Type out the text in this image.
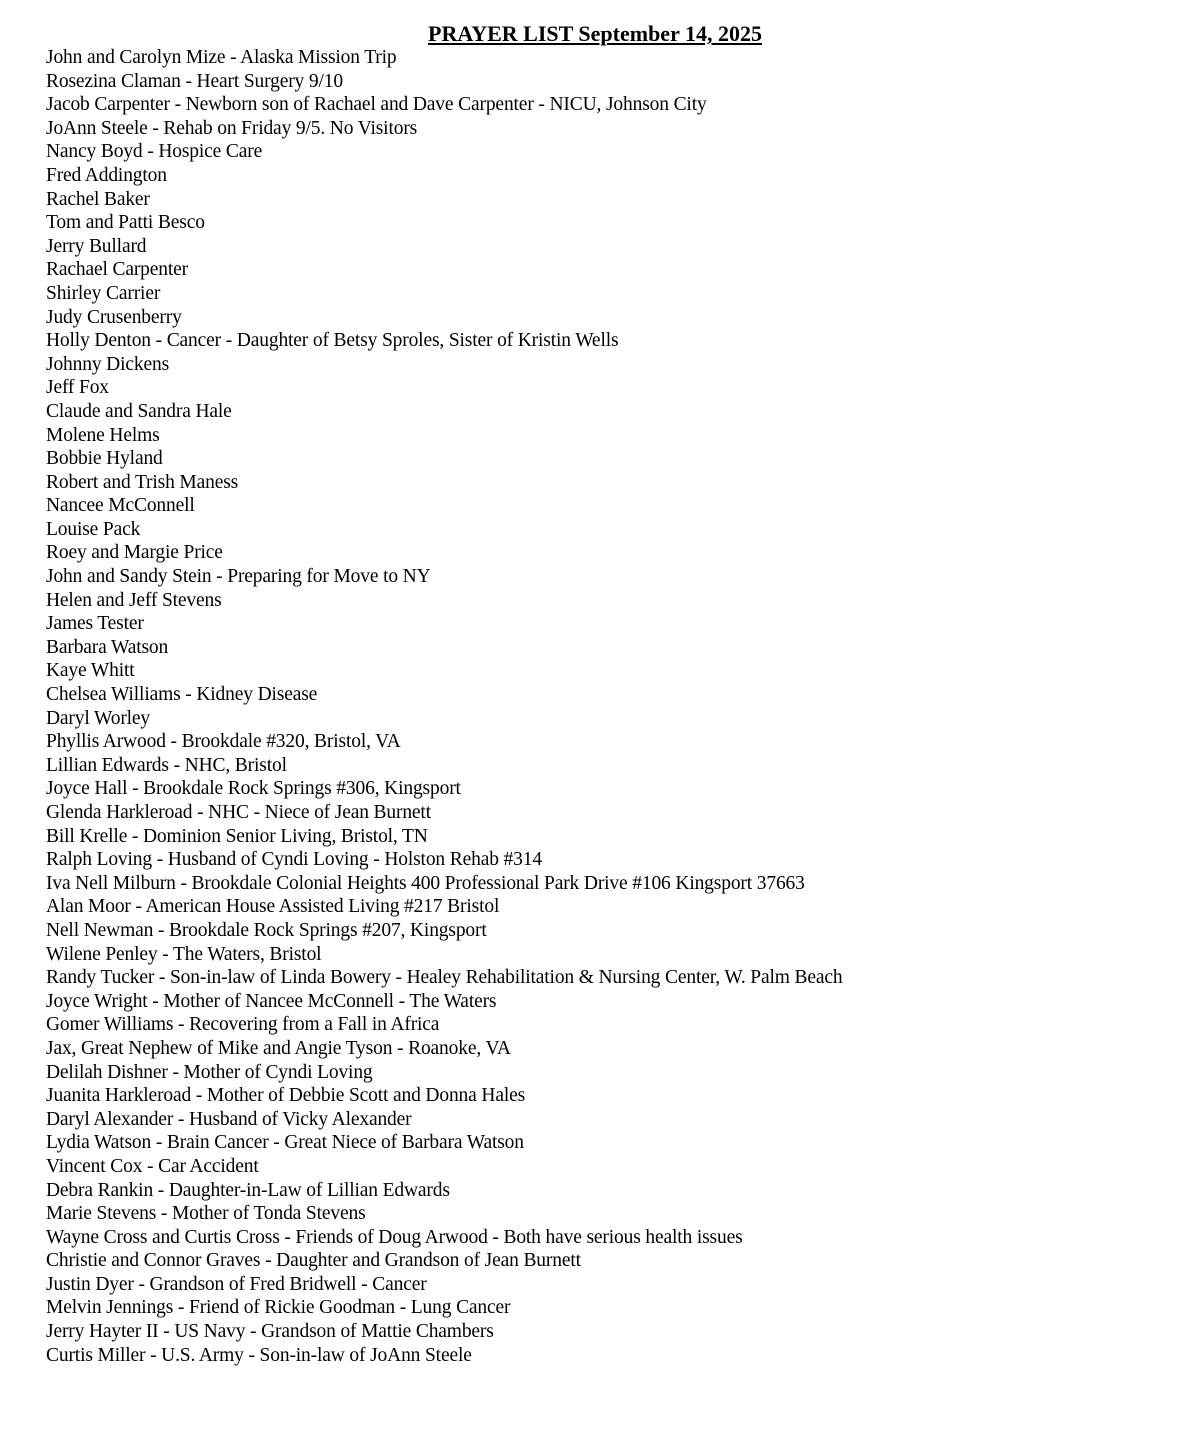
PRAYER LIST September 14, 2025
John and Carolyn Mize - Alaska Mission Trip
Rosezina Claman - Heart Surgery 9/10
Jacob Carpenter - Newborn son of Rachael and Dave Carpenter - NICU, Johnson City
JoAnn Steele - Rehab on Friday 9/5. No Visitors
Nancy Boyd - Hospice Care
Fred Addington
Rachel Baker
Tom and Patti Besco
Jerry Bullard
Rachael Carpenter
Shirley Carrier
Judy Crusenberry
Holly Denton - Cancer - Daughter of Betsy Sproles, Sister of Kristin Wells
Johnny Dickens
Jeff Fox
Claude and Sandra Hale
Molene Helms
Bobbie Hyland
Robert and Trish Maness
Nancee McConnell
Louise Pack
Roey and Margie Price
John and Sandy Stein - Preparing for Move to NY
Helen and Jeff Stevens
James Tester
Barbara Watson
Kaye Whitt
Chelsea Williams - Kidney Disease
Daryl Worley
Phyllis Arwood - Brookdale #320, Bristol, VA
Lillian Edwards - NHC, Bristol
Joyce Hall - Brookdale Rock Springs #306, Kingsport
Glenda Harkleroad - NHC - Niece of Jean Burnett
Bill Krelle - Dominion Senior Living, Bristol, TN
Ralph Loving - Husband of Cyndi Loving - Holston Rehab #314
Iva Nell Milburn - Brookdale Colonial Heights 400 Professional Park Drive #106 Kingsport 37663
Alan Moor - American House Assisted Living #217 Bristol
Nell Newman - Brookdale Rock Springs #207, Kingsport
Wilene Penley - The Waters, Bristol
Randy Tucker - Son-in-law of Linda Bowery - Healey Rehabilitation & Nursing Center, W. Palm Beach
Joyce Wright - Mother of Nancee McConnell - The Waters
Gomer Williams - Recovering from a Fall in Africa
Jax, Great Nephew of Mike and Angie Tyson - Roanoke, VA
Delilah Dishner - Mother of Cyndi Loving
Juanita Harkleroad - Mother of Debbie Scott and Donna Hales
Daryl Alexander - Husband of Vicky Alexander
Lydia Watson - Brain Cancer - Great Niece of Barbara Watson
Vincent Cox - Car Accident
Debra Rankin - Daughter-in-Law of Lillian Edwards
Marie Stevens - Mother of Tonda Stevens
Wayne Cross and Curtis Cross - Friends of Doug Arwood - Both have serious health issues
Christie and Connor Graves - Daughter and Grandson of Jean Burnett
Justin Dyer - Grandson of Fred Bridwell - Cancer
Melvin Jennings - Friend of Rickie Goodman - Lung Cancer
Jerry Hayter II - US Navy - Grandson of Mattie Chambers
Curtis Miller - U.S. Army - Son-in-law of JoAnn Steele
